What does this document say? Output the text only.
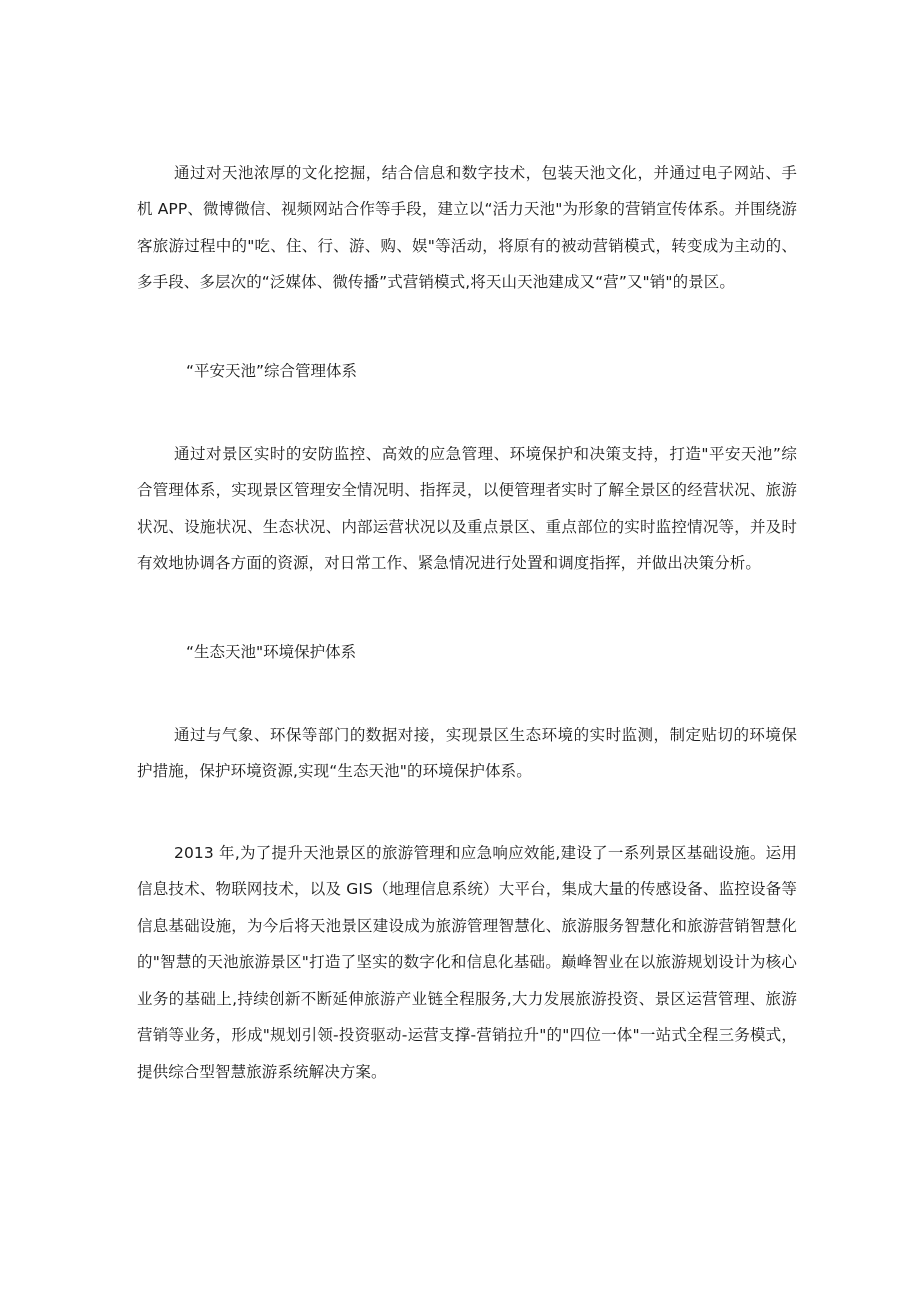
通过对天池浓厚的文化挖掘，结合信息和数字技术，包装天池文化，并通过电子网站、手机 APP、微博微信、视频网站合作等手段，建立以“活力天池"为形象的营销宣传体系。并围绕游客旅游过程中的"吃、住、行、游、购、娱"等活动，将原有的被动营销模式，转变成为主动的、多手段、多层次的“泛媒体、微传播”式营销模式,将天山天池建成又“营”又"销"的景区。

“平安天池”综合管理体系

通过对景区实时的安防监控、高效的应急管理、环境保护和决策支持，打造"平安天池”综合管理体系，实现景区管理安全情况明、指挥灵，以便管理者实时了解全景区的经营状况、旅游状况、设施状况、生态状况、内部运营状况以及重点景区、重点部位的实时监控情况等，并及时有效地协调各方面的资源，对日常工作、紧急情况进行处置和调度指挥，并做出决策分析。

“生态天池"环境保护体系

通过与气象、环保等部门的数据对接，实现景区生态环境的实时监测，制定贴切的环境保护措施，保护环境资源,实现“生态天池"的环境保护体系。

2013 年,为了提升天池景区的旅游管理和应急响应效能,建设了一系列景区基础设施。运用信息技术、物联网技术，以及 GIS（地理信息系统）大平台，集成大量的传感设备、监控设备等信息基础设施，为今后将天池景区建设成为旅游管理智慧化、旅游服务智慧化和旅游营销智慧化的"智慧的天池旅游景区"打造了坚实的数字化和信息化基础。巅峰智业在以旅游规划设计为核心业务的基础上,持续创新不断延伸旅游产业链全程服务,大力发展旅游投资、景区运营管理、旅游营销等业务，形成"规划引领-投资驱动-运营支撑-营销拉升"的"四位一体"一站式全程三务模式，提供综合型智慧旅游系统解决方案。
